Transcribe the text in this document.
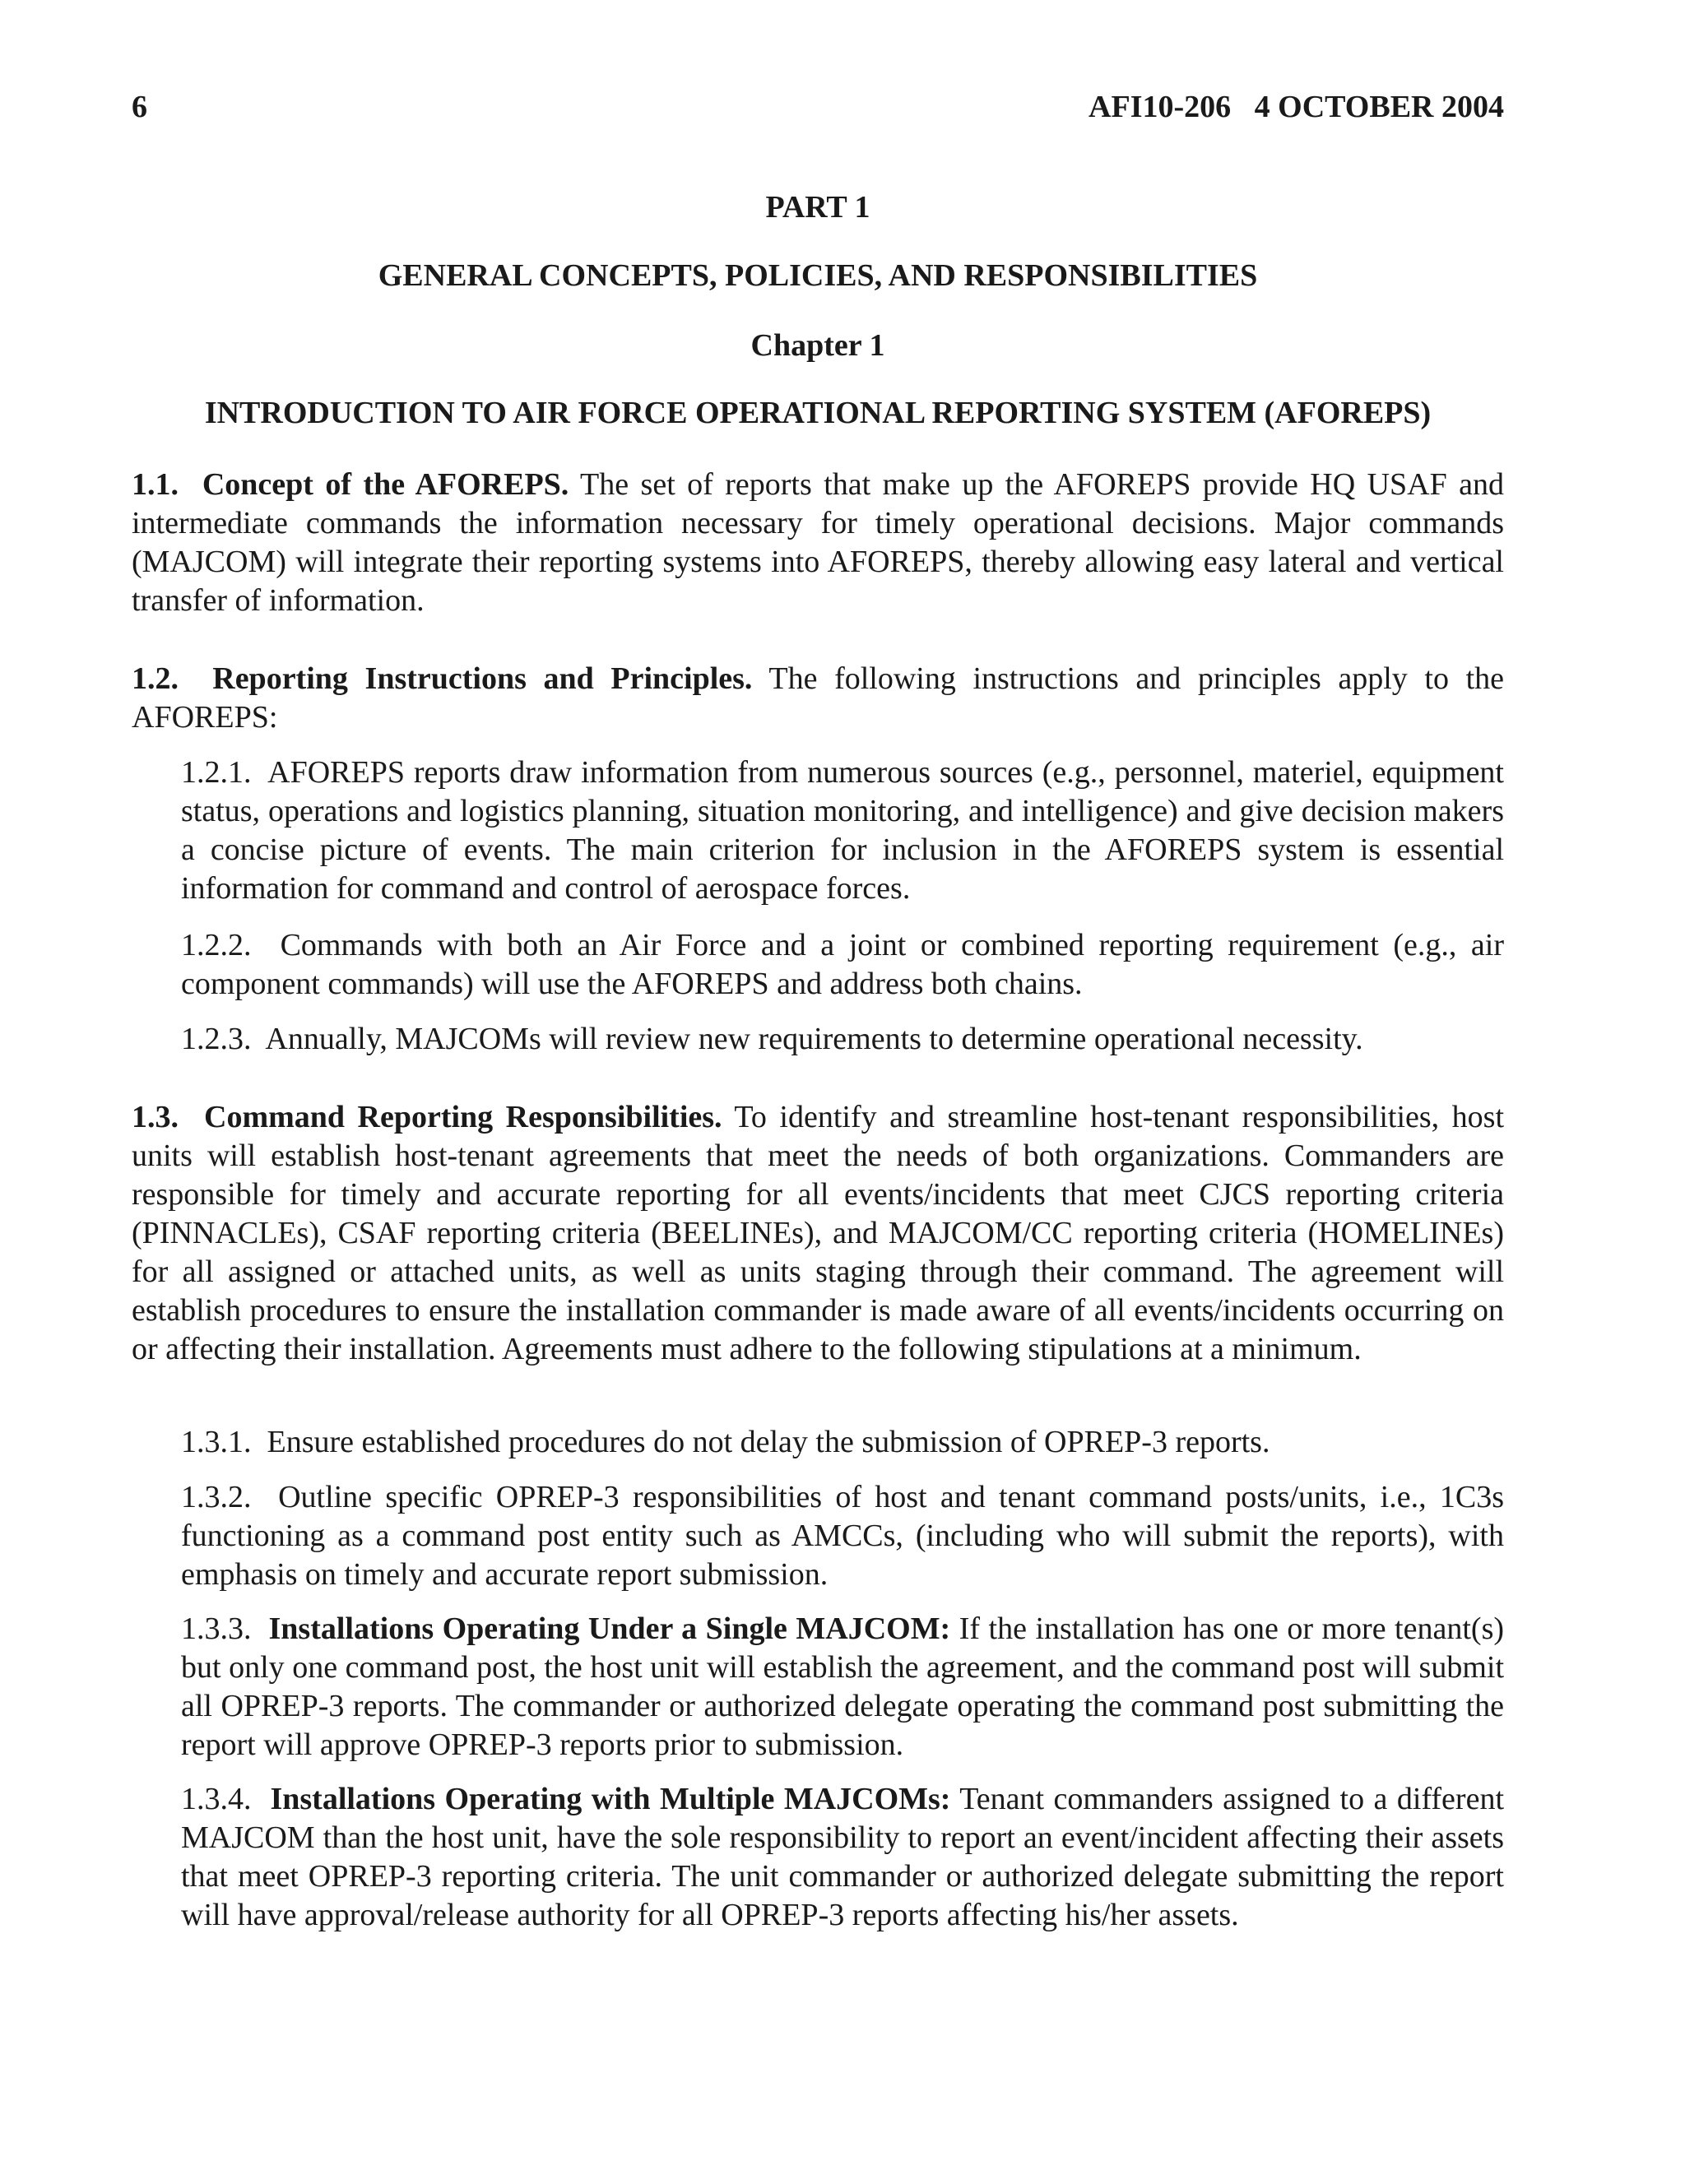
6	AFI10-206   4 OCTOBER 2004
PART 1
GENERAL CONCEPTS, POLICIES, AND RESPONSIBILITIES
Chapter 1
INTRODUCTION TO AIR FORCE OPERATIONAL REPORTING SYSTEM (AFOREPS)

1.1.  Concept of the AFOREPS. The set of reports that make up the AFOREPS provide HQ USAF and intermediate commands the information necessary for timely operational decisions. Major commands (MAJCOM) will integrate their reporting systems into AFOREPS, thereby allowing easy lateral and vertical transfer of information.

1.2.  Reporting Instructions and Principles. The following instructions and principles apply to the AFOREPS:

1.2.1.  AFOREPS reports draw information from numerous sources (e.g., personnel, materiel, equipment status, operations and logistics planning, situation monitoring, and intelligence) and give decision makers a concise picture of events. The main criterion for inclusion in the AFOREPS system is essential information for command and control of aerospace forces.

1.2.2.  Commands with both an Air Force and a joint or combined reporting requirement (e.g., air component commands) will use the AFOREPS and address both chains.

1.2.3.  Annually, MAJCOMs will review new requirements to determine operational necessity.

1.3.  Command Reporting Responsibilities. To identify and streamline host-tenant responsibilities, host units will establish host-tenant agreements that meet the needs of both organizations. Commanders are responsible for timely and accurate reporting for all events/incidents that meet CJCS reporting criteria (PINNACLEs), CSAF reporting criteria (BEELINEs), and MAJCOM/CC reporting criteria (HOMELINEs) for all assigned or attached units, as well as units staging through their command. The agreement will establish procedures to ensure the installation commander is made aware of all events/incidents occurring on or affecting their installation. Agreements must adhere to the following stipulations at a minimum.

1.3.1.  Ensure established procedures do not delay the submission of OPREP-3 reports.

1.3.2.  Outline specific OPREP-3 responsibilities of host and tenant command posts/units, i.e., 1C3s functioning as a command post entity such as AMCCs, (including who will submit the reports), with emphasis on timely and accurate report submission.

1.3.3.  Installations Operating Under a Single MAJCOM: If the installation has one or more tenant(s) but only one command post, the host unit will establish the agreement, and the command post will submit all OPREP-3 reports. The commander or authorized delegate operating the command post submitting the report will approve OPREP-3 reports prior to submission.

1.3.4.  Installations Operating with Multiple MAJCOMs: Tenant commanders assigned to a different MAJCOM than the host unit, have the sole responsibility to report an event/incident affecting their assets that meet OPREP-3 reporting criteria. The unit commander or authorized delegate submitting the report will have approval/release authority for all OPREP-3 reports affecting his/her assets.
